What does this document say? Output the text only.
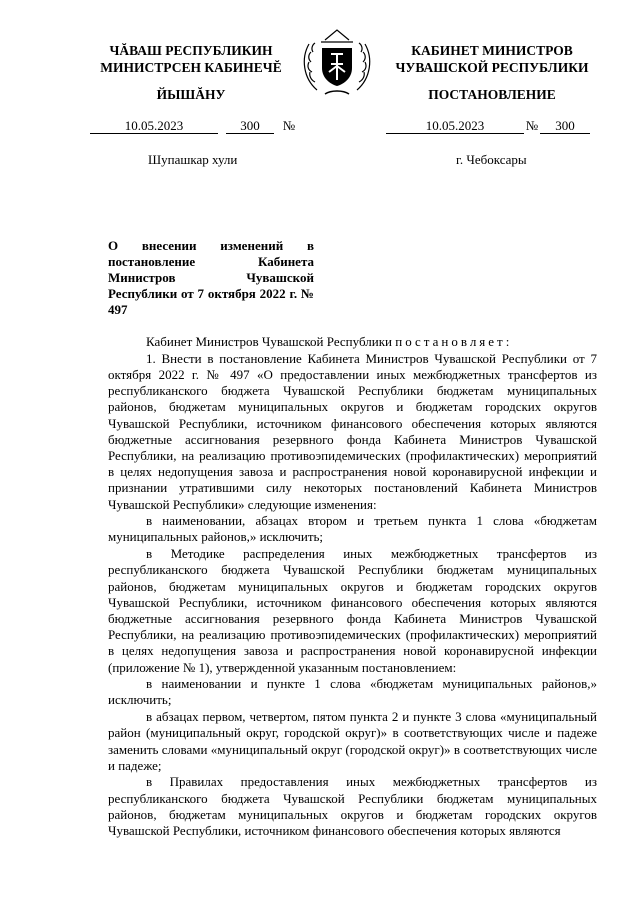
ЧĂВАШ РЕСПУБЛИКИН
МИНИСТРСЕН КАБИНЕЧĔ
ЙЫШĂНУ
КАБИНЕТ МИНИСТРОВ
ЧУВАШСКОЙ РЕСПУБЛИКИ
ПОСТАНОВЛЕНИЕ
10.05.2023	300	№	10.05.2023	№	300
Шупашкар хули	г. Чебоксары
О внесении изменений в постановление Кабинета Министров Чувашской Республики от 7 октября 2022 г. № 497

Кабинет Министров Чувашской Республики постановляет:

1. Внести в постановление Кабинета Министров Чувашской Республики от 7 октября 2022 г. № 497 «О предоставлении иных межбюджетных трансфертов из республиканского бюджета Чувашской Республики бюджетам муниципальных районов, бюджетам муниципальных округов и бюджетам городских округов Чувашской Республики, источником финансового обеспечения которых являются бюджетные ассигнования резервного фонда Кабинета Министров Чувашской Республики, на реализацию противоэпидемических (профилактических) мероприятий в целях недопущения завоза и распространения новой коронавирусной инфекции и признании утратившими силу некоторых постановлений Кабинета Министров Чувашской Республики» следующие изменения:

в наименовании, абзацах втором и третьем пункта 1 слова «бюджетам муниципальных районов,» исключить;

в Методике распределения иных межбюджетных трансфертов из республиканского бюджета Чувашской Республики бюджетам муниципальных районов, бюджетам муниципальных округов и бюджетам городских округов Чувашской Республики, источником финансового обеспечения которых являются бюджетные ассигнования резервного фонда Кабинета Министров Чувашской Республики, на реализацию противоэпидемических (профилактических) мероприятий в целях недопущения завоза и распространения новой коронавирусной инфекции (приложение № 1), утвержденной указанным постановлением:

в наименовании и пункте 1 слова «бюджетам муниципальных районов,» исключить;

в абзацах первом, четвертом, пятом пункта 2 и пункте 3 слова «муниципальный район (муниципальный округ, городской округ)» в соответствующих числе и падеже заменить словами «муниципальный округ (городской округ)» в соответствующих числе и падеже;

в Правилах предоставления иных межбюджетных трансфертов из республиканского бюджета Чувашской Республики бюджетам муниципальных районов, бюджетам муниципальных округов и бюджетам городских округов Чувашской Республики, источником финансового обеспечения которых являются
